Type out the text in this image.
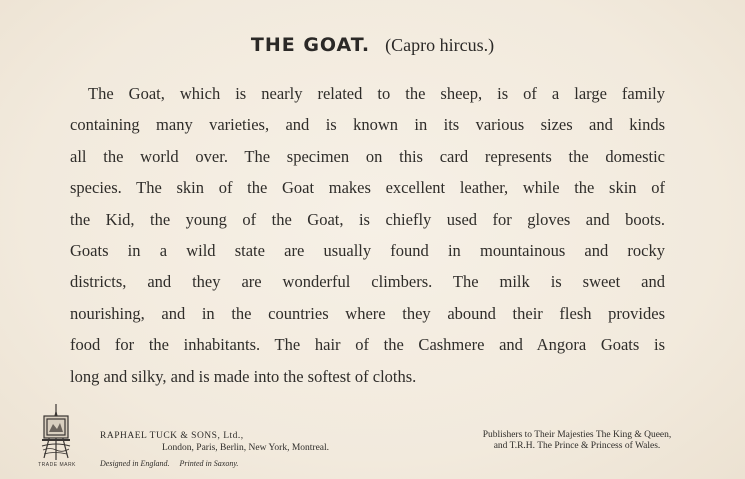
THE GOAT. (Capro hircus.)
The Goat, which is nearly related to the sheep, is of a large family
containing many varieties, and is known in its various sizes and kinds
all the world over. The specimen on this card represents the domestic
species. The skin of the Goat makes excellent leather, while the skin of
the Kid, the young of the Goat, is chiefly used for gloves and boots.
Goats in a wild state are usually found in mountainous and rocky
districts, and they are wonderful climbers. The milk is sweet and
nourishing, and in the countries where they abound their flesh provides
food for the inhabitants. The hair of the Cashmere and Angora Goats is
long and silky, and is made into the softest of cloths.
TRADE MARK
RAPHAEL TUCK & SONS, Ltd.,
London, Paris, Berlin, New York, Montreal.
Designed in England. Printed in Saxony.
Publishers to Their Majesties The King & Queen,
and T.R.H. The Prince & Princess of Wales.
